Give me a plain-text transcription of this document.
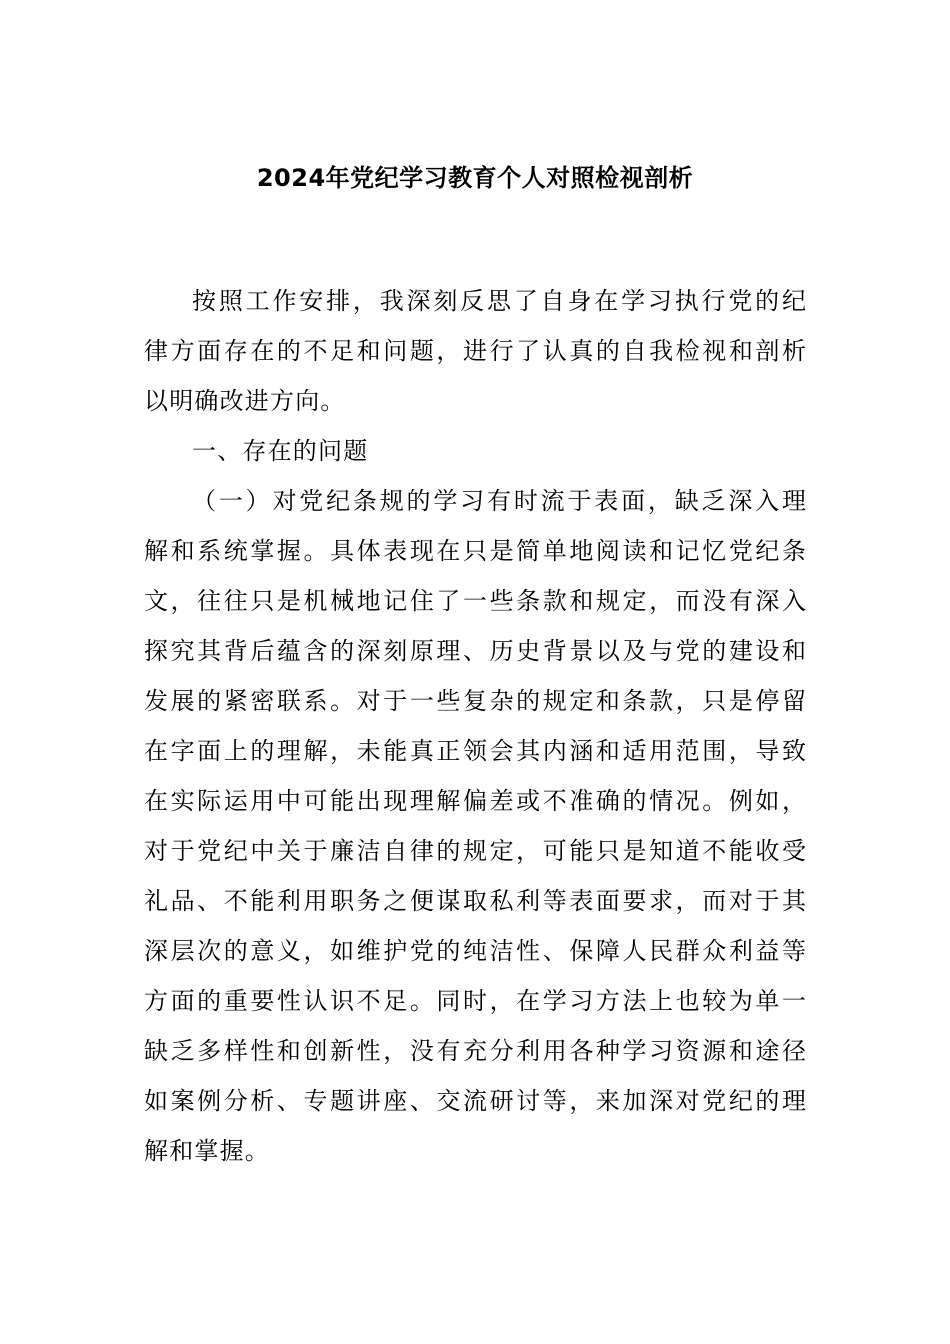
2024年党纪学习教育个人对照检视剖析
按照工作安排，我深刻反思了自身在学习执行党的纪
律方面存在的不足和问题，进行了认真的自我检视和剖析
以明确改进方向。
一、存在的问题
（一）对党纪条规的学习有时流于表面，缺乏深入理
解和系统掌握。具体表现在只是简单地阅读和记忆党纪条
文，往往只是机械地记住了一些条款和规定，而没有深入
探究其背后蕴含的深刻原理、历史背景以及与党的建设和
发展的紧密联系。对于一些复杂的规定和条款，只是停留
在字面上的理解，未能真正领会其内涵和适用范围，导致
在实际运用中可能出现理解偏差或不准确的情况。例如，
对于党纪中关于廉洁自律的规定，可能只是知道不能收受
礼品、不能利用职务之便谋取私利等表面要求，而对于其
深层次的意义，如维护党的纯洁性、保障人民群众利益等
方面的重要性认识不足。同时，在学习方法上也较为单一
缺乏多样性和创新性，没有充分利用各种学习资源和途径
如案例分析、专题讲座、交流研讨等，来加深对党纪的理
解和掌握。
